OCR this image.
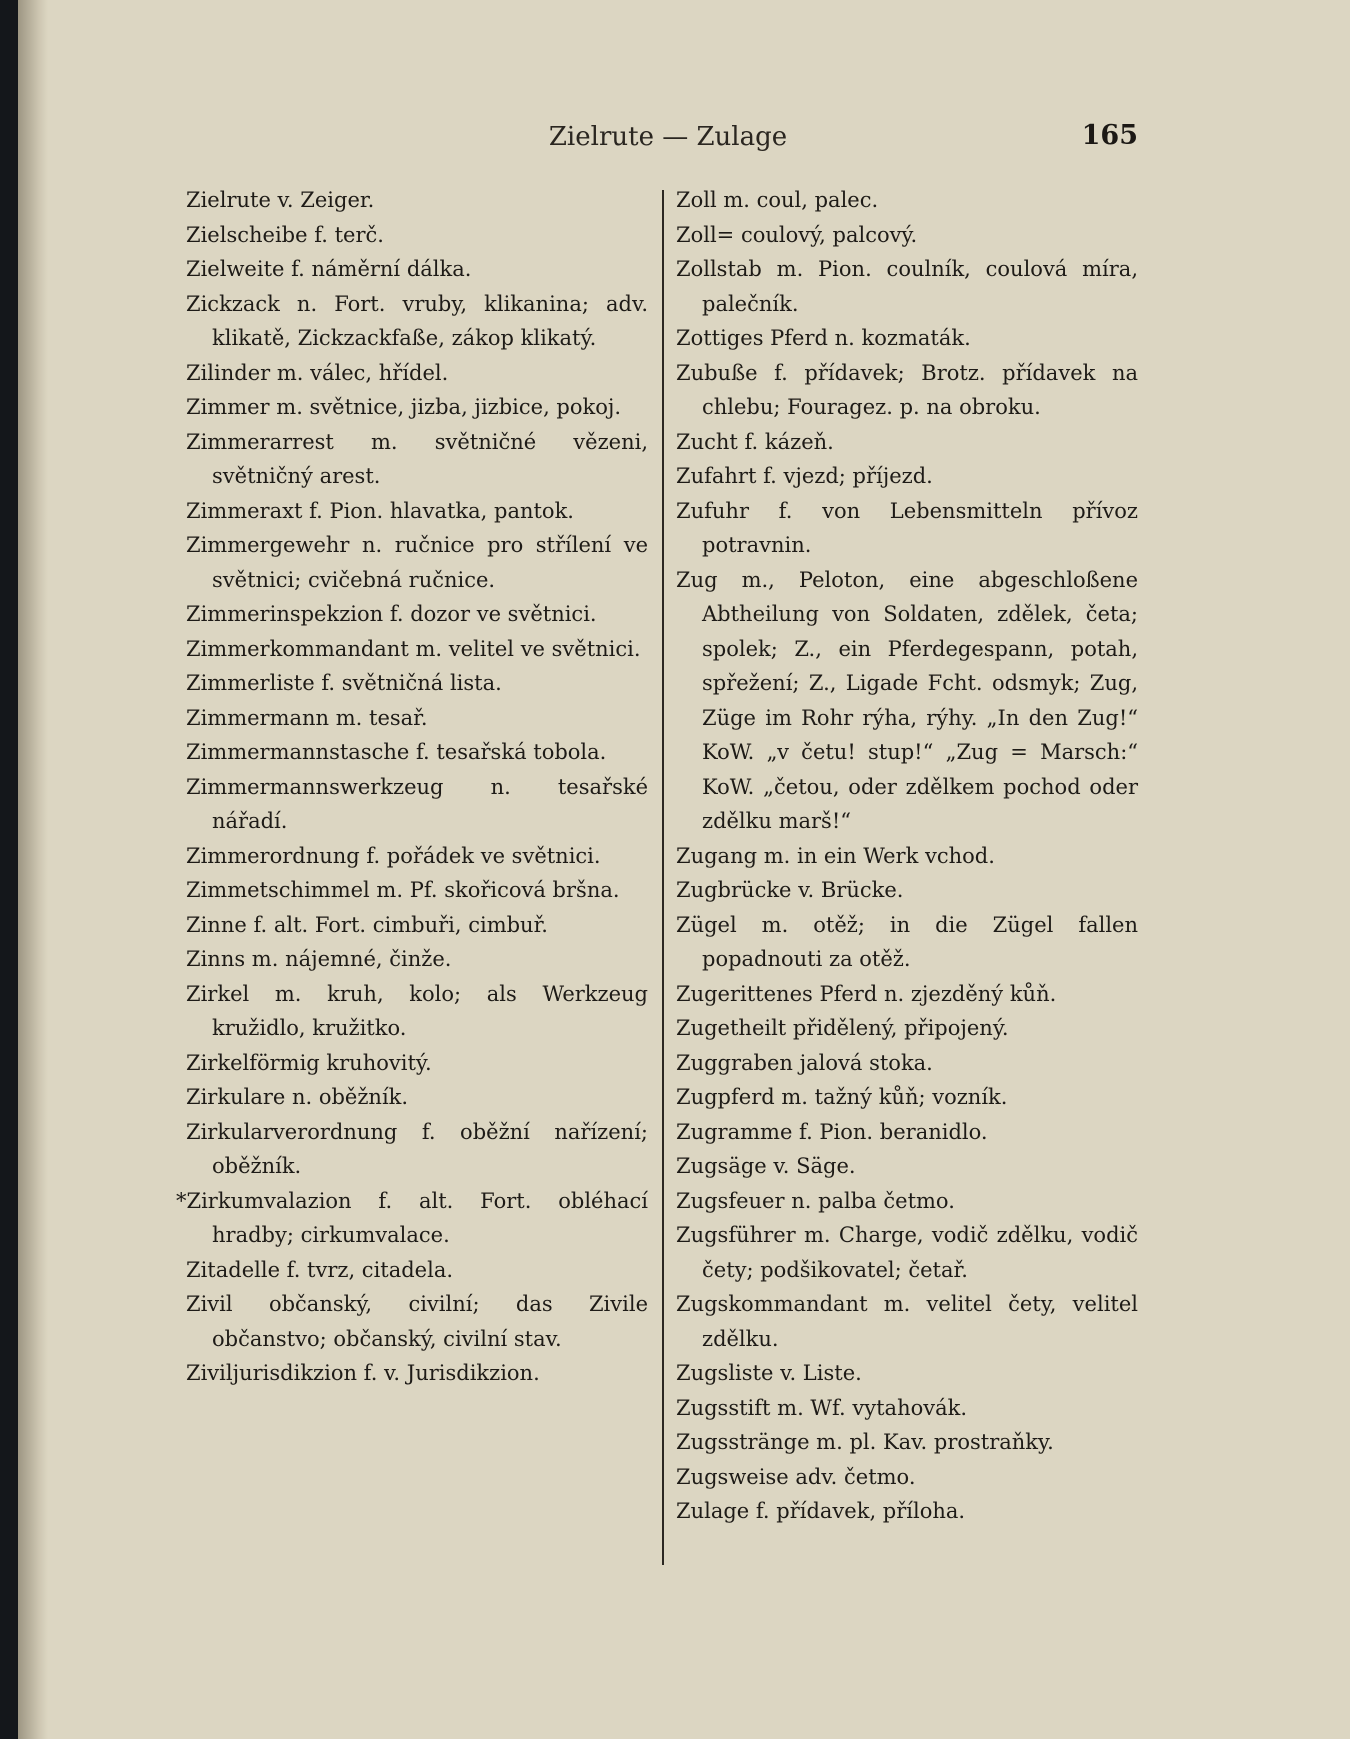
Zielrute — Zulage	165
Zielrute v. Zeiger.
Zielscheibe f. terč.
Zielweite f. náměrní dálka.
Zickzack n. Fort. vruby, klikanina; adv. klikatě, Zickzackfaße, zákop klikatý.
Zilinder m. válec, hřídel.
Zimmer m. světnice, jizba, jizbice, pokoj.
Zimmerarrest m. světničné vězeni, světničný arest.
Zimmeraxt f. Pion. hlavatka, pantok.
Zimmergewehr n. ručnice pro střílení ve světnici; cvičebná ručnice.
Zimmerinspekzion f. dozor ve světnici.
Zimmerkommandant m. velitel ve světnici.
Zimmerliste f. světničná lista.
Zimmermann m. tesař.
Zimmermannstasche f. tesařská tobola.
Zimmermannswerkzeug n. tesařské nářadí.
Zimmerordnung f. pořádek ve světnici.
Zimmetschimmel m. Pf. skořicová bršna.
Zinne f. alt. Fort. cimbuři, cimbuř.
Zinns m. nájemné, činže.
Zirkel m. kruh, kolo; als Werkzeug kružidlo, kružitko.
Zirkelförmig kruhovitý.
Zirkulare n. oběžník.
Zirkularverordnung f. oběžní nařízení; oběžník.
*Zirkumvalazion f. alt. Fort. obléhací hradby; cirkumvalace.
Zitadelle f. tvrz, citadela.
Zivil občanský, civilní; das Zivile občanstvo; občanský, civilní stav.
Ziviljurisdikzion f. v. Jurisdikzion.
Zoll m. coul, palec.
Zoll= coulový, palcový.
Zollstab m. Pion. coulník, coulová míra, palečník.
Zottiges Pferd n. kozmaták.
Zubuße f. přídavek; Brotz. přídavek na chlebu; Fouragez. p. na obroku.
Zucht f. kázeň.
Zufahrt f. vjezd; příjezd.
Zufuhr f. von Lebensmitteln přívoz potravnin.
Zug m., Peloton, eine abgeschloßene Abtheilung von Soldaten, zdělek, četa; spolek; Z., ein Pferdegespann, potah, spřežení; Z., Ligade Fcht. odsmyk; Zug, Züge im Rohr rýha, rýhy. „In den Zug!“ KoW. „v četu! stup!“ „Zug = Marsch:“ KoW. „četou, oder zdělkem pochod oder zdělku marš!“
Zugang m. in ein Werk vchod.
Zugbrücke v. Brücke.
Zügel m. otěž; in die Zügel fallen popadnouti za otěž.
Zugerittenes Pferd n. zjezděný kůň.
Zugetheilt přidělený, připojený.
Zuggraben jalová stoka.
Zugpferd m. tažný kůň; vozník.
Zugramme f. Pion. beranidlo.
Zugsäge v. Säge.
Zugsfeuer n. palba četmo.
Zugsführer m. Charge, vodič zdělku, vodič čety; podšikovatel; četař.
Zugskommandant m. velitel čety, velitel zdělku.
Zugsliste v. Liste.
Zugsstift m. Wf. vytahovák.
Zugsstränge m. pl. Kav. prostraňky.
Zugsweise adv. četmo.
Zulage f. přídavek, příloha.
